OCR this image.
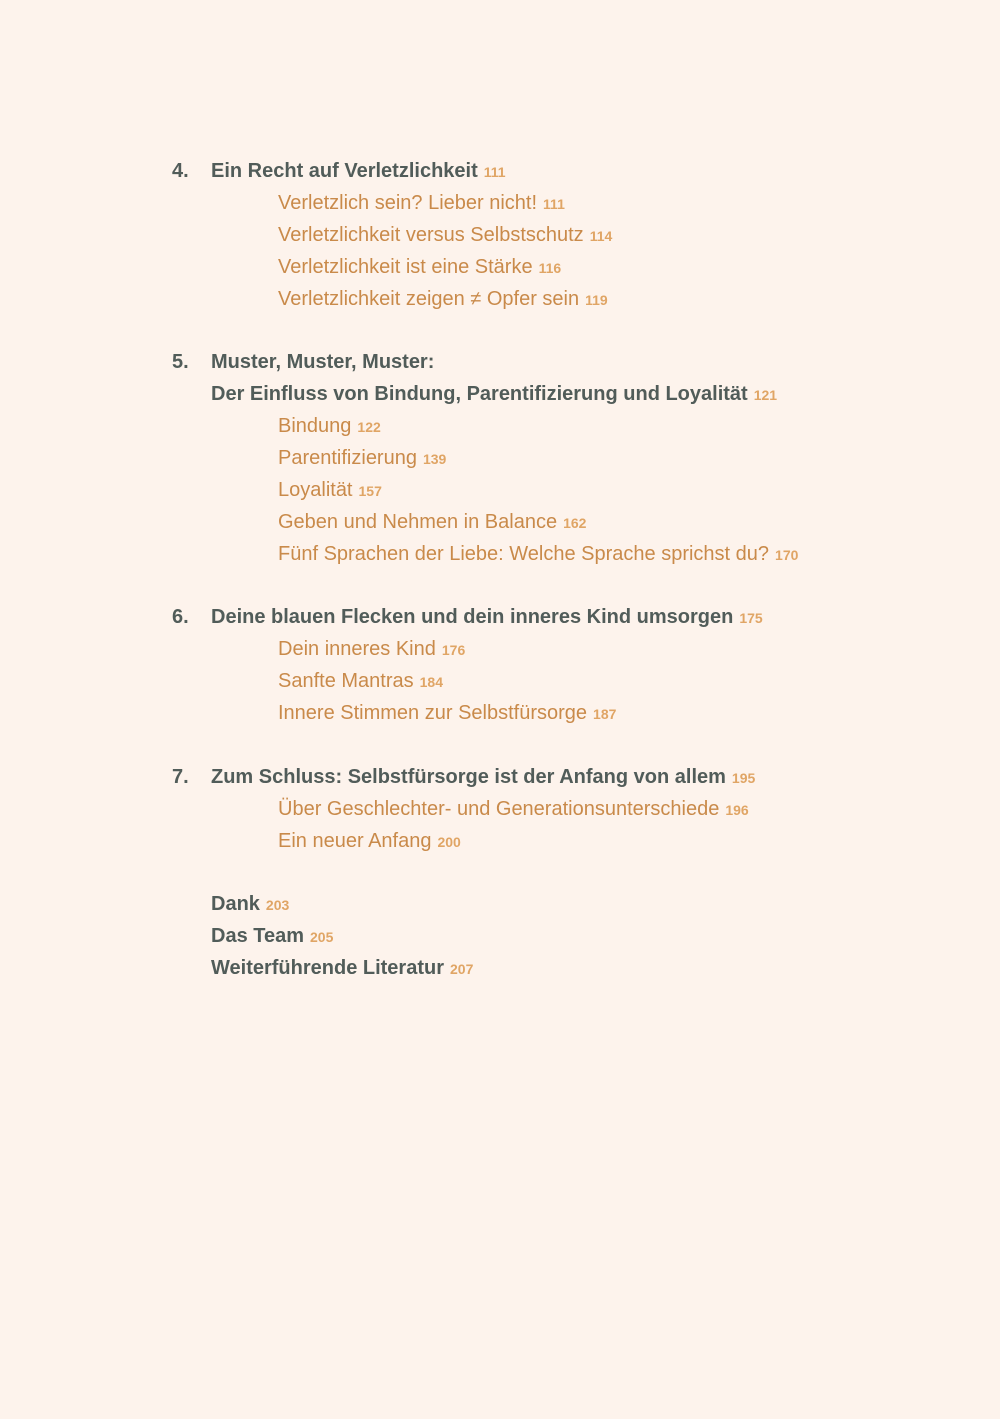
4. Ein Recht auf Verletzlichkeit 111
Verletzlich sein? Lieber nicht! 111
Verletzlichkeit versus Selbstschutz 114
Verletzlichkeit ist eine Stärke 116
Verletzlichkeit zeigen ≠ Opfer sein 119
5. Muster, Muster, Muster:
Der Einfluss von Bindung, Parentifizierung und Loyalität 121
Bindung 122
Parentifizierung 139
Loyalität 157
Geben und Nehmen in Balance 162
Fünf Sprachen der Liebe: Welche Sprache sprichst du? 170
6. Deine blauen Flecken und dein inneres Kind umsorgen 175
Dein inneres Kind 176
Sanfte Mantras 184
Innere Stimmen zur Selbstfürsorge 187
7. Zum Schluss: Selbstfürsorge ist der Anfang von allem 195
Über Geschlechter- und Generationsunterschiede 196
Ein neuer Anfang 200
Dank 203
Das Team 205
Weiterführende Literatur 207
